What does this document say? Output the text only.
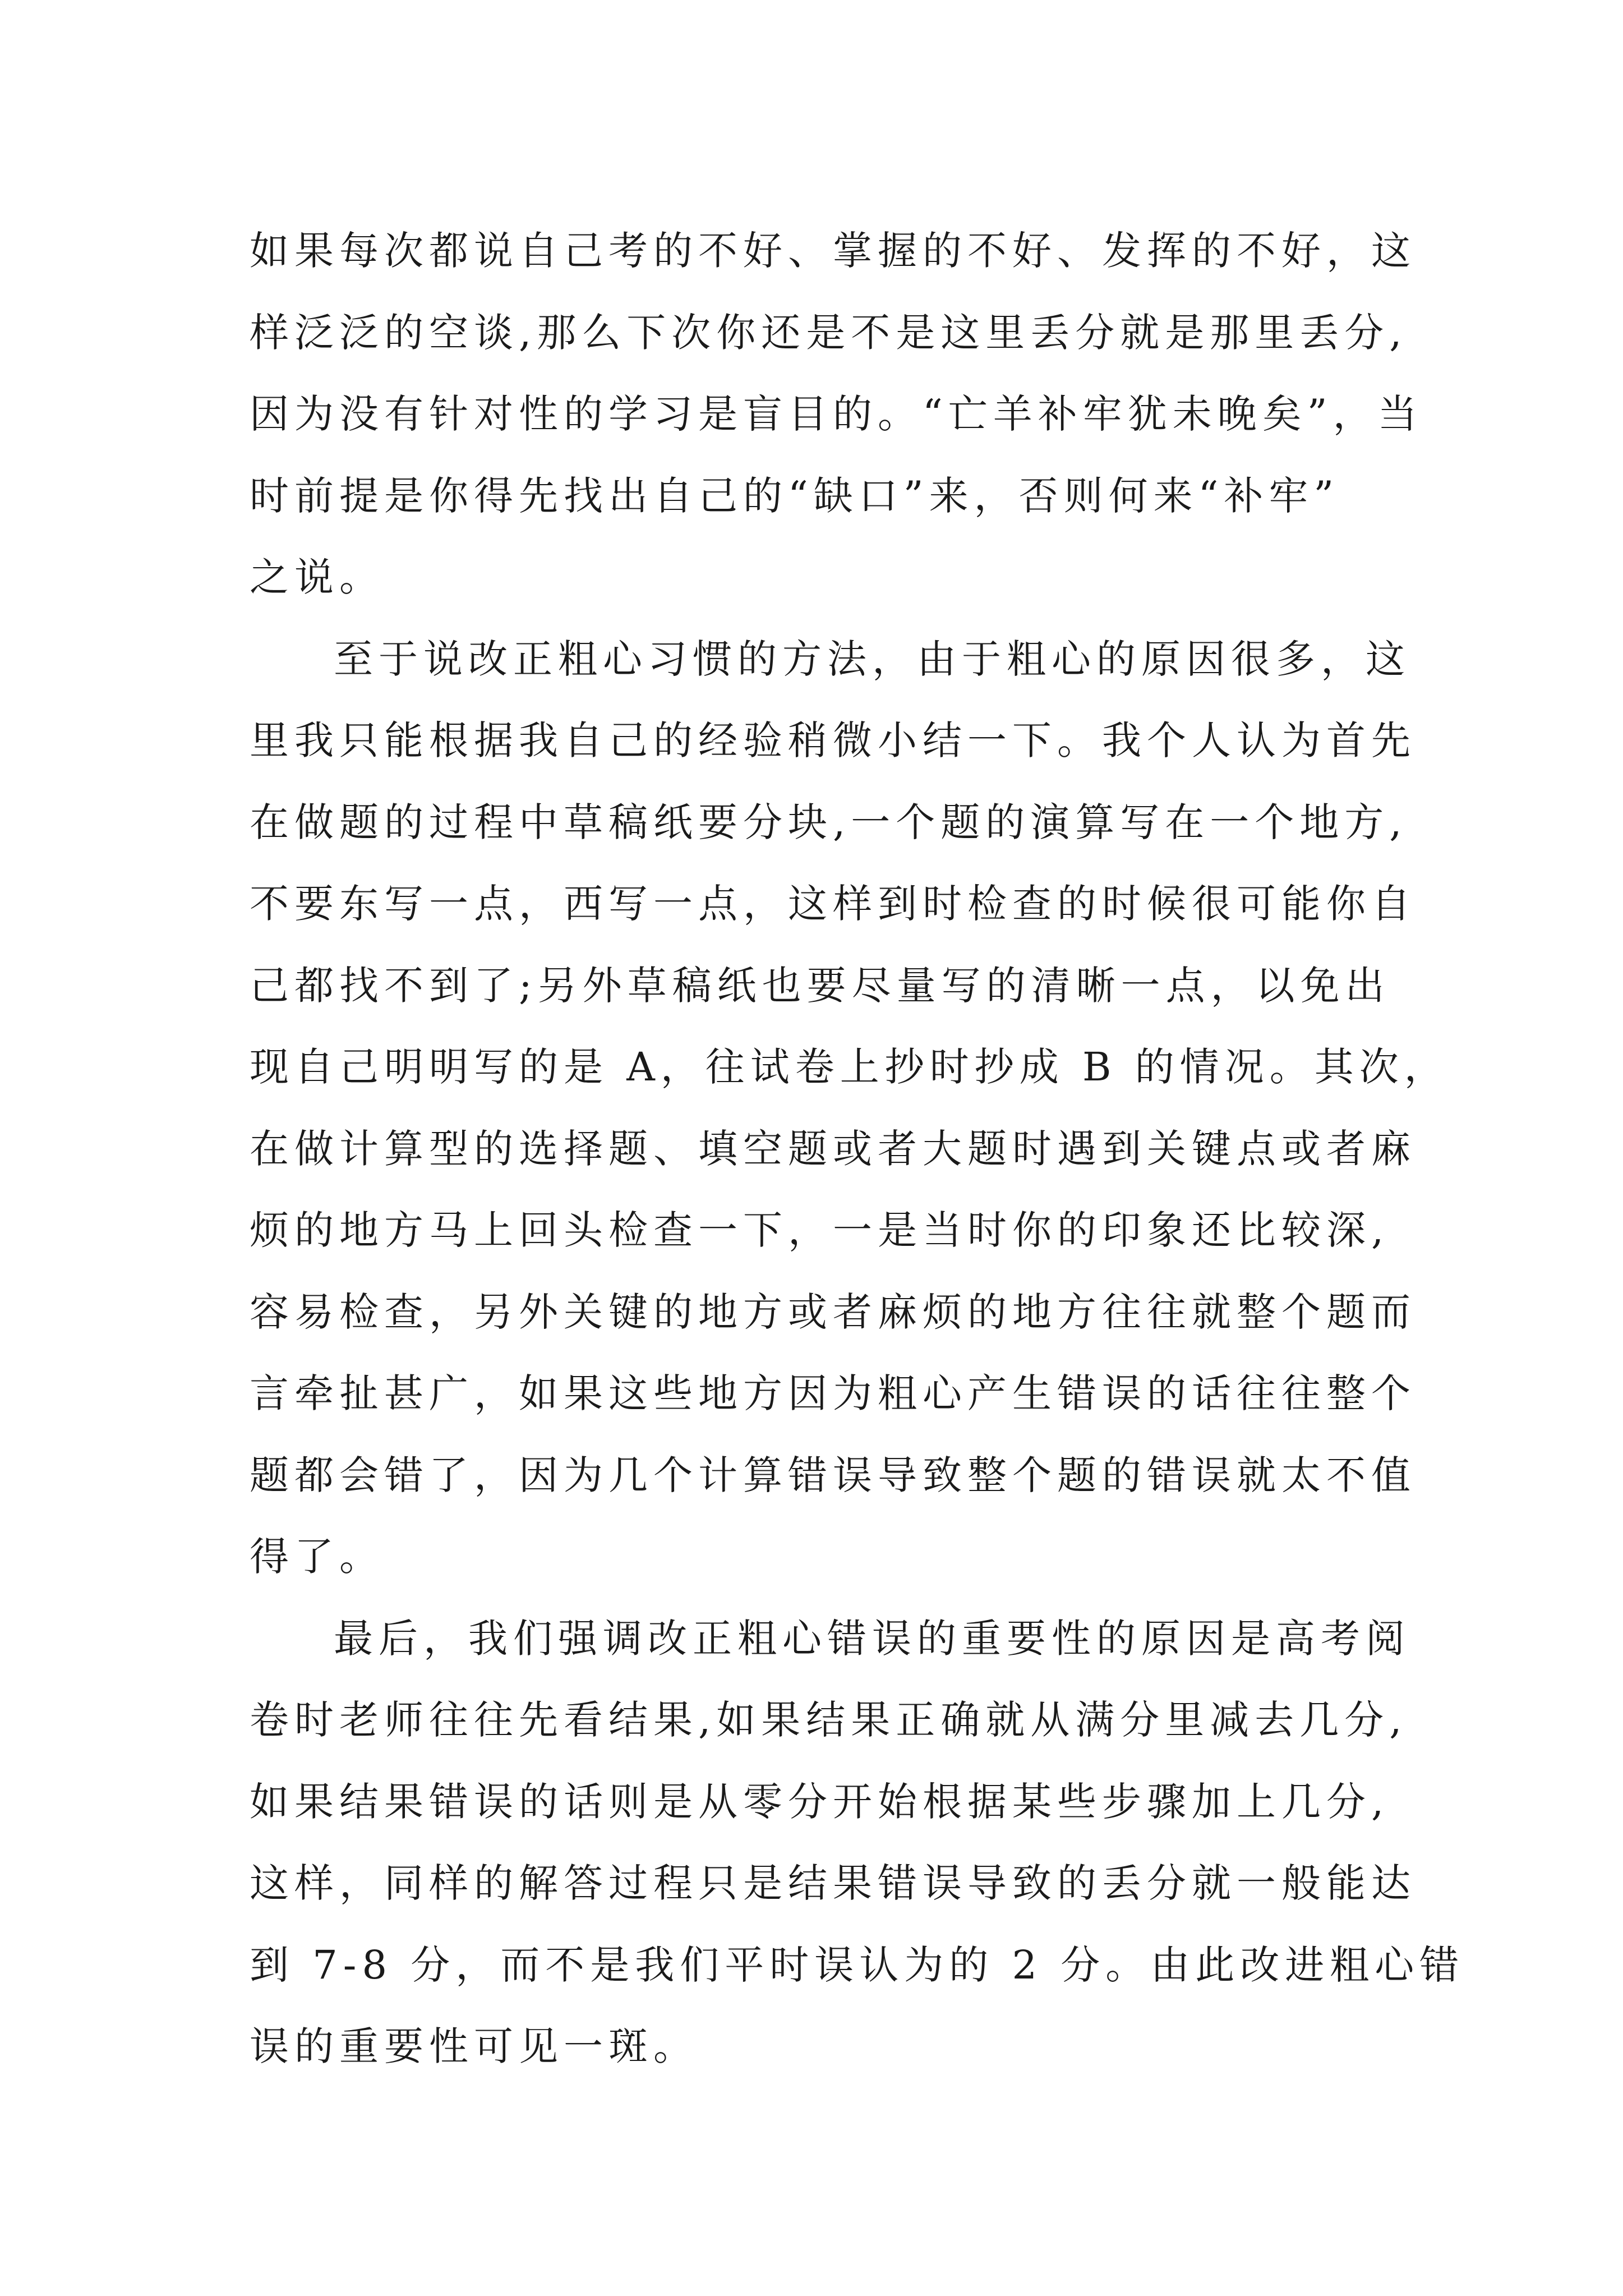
如果每次都说自己考的不好、掌握的不好、发挥的不好，这
样泛泛的空谈,那么下次你还是不是这里丢分就是那里丢分,
因为没有针对性的学习是盲目的。“亡羊补牢犹未晚矣”，当
时前提是你得先找出自己的“缺口”来，否则何来“补牢”
之说。
至于说改正粗心习惯的方法，由于粗心的原因很多，这
里我只能根据我自己的经验稍微小结一下。我个人认为首先
在做题的过程中草稿纸要分块,一个题的演算写在一个地方,
不要东写一点，西写一点，这样到时检查的时候很可能你自
己都找不到了;另外草稿纸也要尽量写的清晰一点，以免出
现自己明明写的是 A，往试卷上抄时抄成 B 的情况。其次，
在做计算型的选择题、填空题或者大题时遇到关键点或者麻
烦的地方马上回头检查一下，一是当时你的印象还比较深,
容易检查，另外关键的地方或者麻烦的地方往往就整个题而
言牵扯甚广，如果这些地方因为粗心产生错误的话往往整个
题都会错了，因为几个计算错误导致整个题的错误就太不值
得了。
最后，我们强调改正粗心错误的重要性的原因是高考阅
卷时老师往往先看结果,如果结果正确就从满分里减去几分,
如果结果错误的话则是从零分开始根据某些步骤加上几分,
这样，同样的解答过程只是结果错误导致的丢分就一般能达
到 7-8 分，而不是我们平时误认为的 2 分。由此改进粗心错
误的重要性可见一斑。
